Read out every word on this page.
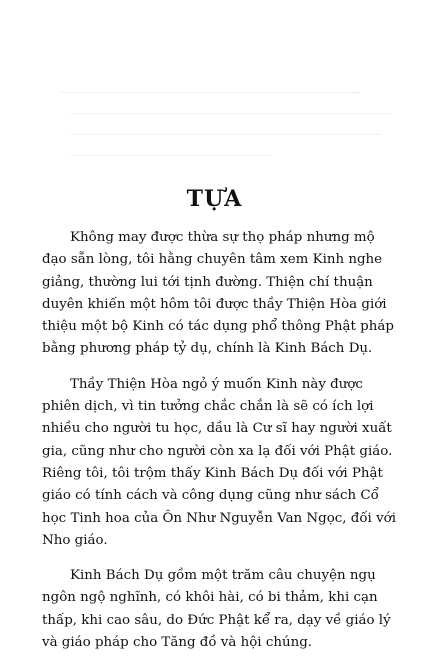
TỰA

Không may được thừa sự thọ pháp nhưng mộ
đạo sẵn lòng, tôi hằng chuyên tâm xem Kinh nghe
giảng, thường lui tới tịnh đường. Thiện chí thuận
duyên khiến một hôm tôi được thầy Thiện Hòa giới
thiệu một bộ Kinh có tác dụng phổ thông Phật pháp
bằng phương pháp tỷ dụ, chính là Kinh Bách Dụ.

Thầy Thiện Hòa ngỏ ý muốn Kinh này được
phiên dịch, vì tin tưởng chắc chắn là sẽ có ích lợi
nhiều cho người tu học, dầu là Cư sĩ hay người xuất
gia, cũng như cho người còn xa lạ đối với Phật giáo.
Riêng tôi, tôi trộm thấy Kinh Bách Dụ đối với Phật
giáo có tính cách và công dụng cũng như sách Cổ
học Tinh hoa của Ôn Như Nguyễn Van Ngọc, đối với
Nho giáo.

Kinh Bách Dụ gồm một trăm câu chuyện ngụ
ngôn ngộ nghĩnh, có khôi hài, có bi thảm, khi cạn
thấp, khi cao sâu, do Đức Phật kể ra, dạy về giáo lý
và giáo pháp cho Tăng đồ và hội chúng.
